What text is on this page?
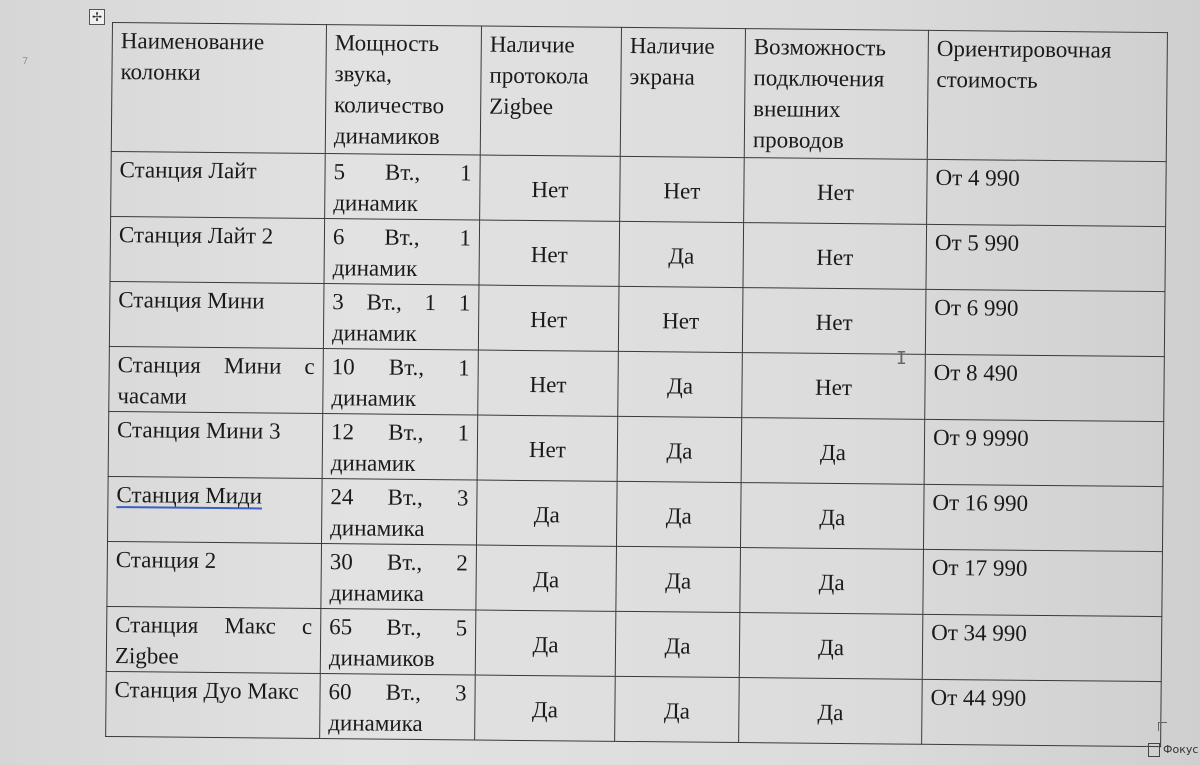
✢
7
Наименование колонки	Мощность звука, количество динамиков	Наличие протокола Zigbee	Наличие экрана	Возможность подключения внешних проводов	Ориентировочная стоимость
Станция Лайт	5 Вт., 1 динамик	Нет	Нет	Нет	От 4 990
Станция Лайт 2	6 Вт., 1 динамик	Нет	Да	Нет	От 5 990
Станция Мини	3 Вт., 1 1 динамик	Нет	Нет	Нет	От 6 990
Станция Мини с часами	10 Вт., 1 динамик	Нет	Да	Нет	От 8 490
Станция Мини 3	12 Вт., 1 динамик	Нет	Да	Да	От 9 9990
Станция Миди	24 Вт., 3 динамика	Да	Да	Да	От 16 990
Станция 2	30 Вт., 2 динамика	Да	Да	Да	От 17 990
Станция Макс с Zigbee	65 Вт., 5 динамиков	Да	Да	Да	От 34 990
Станция Дуо Макс	60 Вт., 3 динамика	Да	Да	Да	От 44 990
I
Фокус
